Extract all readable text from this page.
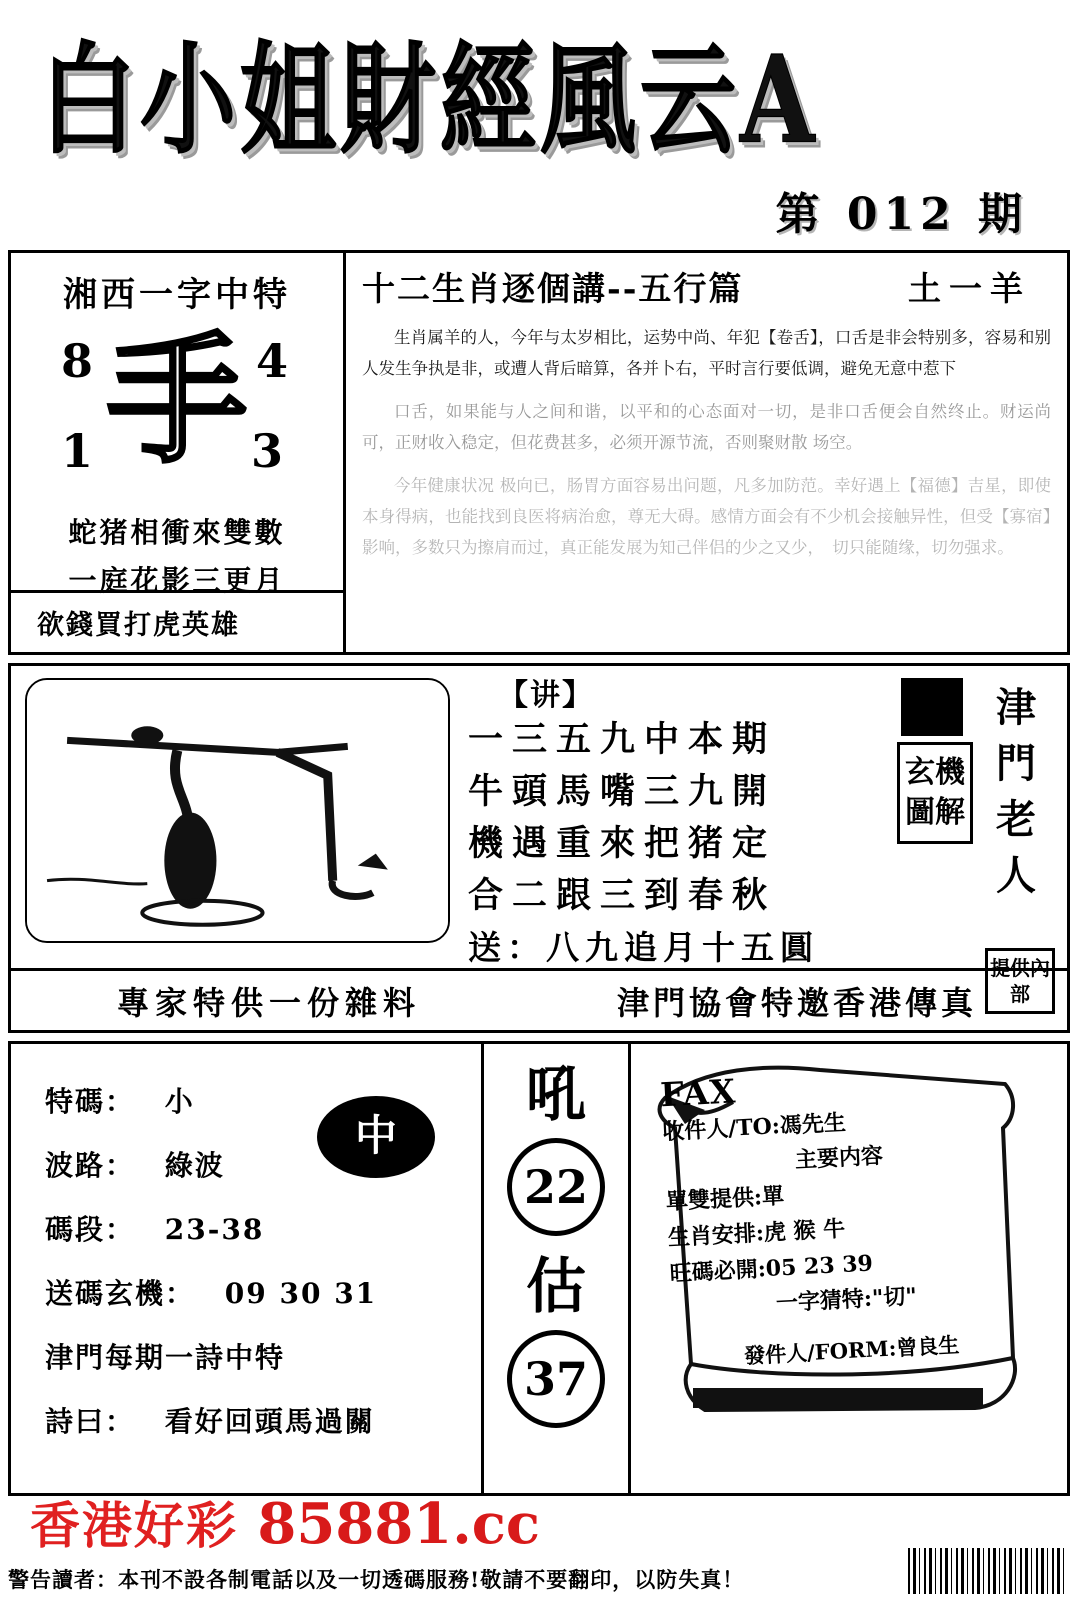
白小姐財經風云A
第 012 期
湘西一字中特
手
8	4
1	3
蛇猪相衝來雙數
一庭花影三更月
欲錢買打虎英雄
十二生肖逐個講--五行篇	土一羊
生肖属羊的人，今年与太岁相比，运势中尚、年犯【卷舌】，口舌是非会特别多，容易和别人发生争执是非，或遭人背后暗算，各并卜右，平时言行要低调，避免无意中惹下
口舌，如果能与人之间和谐，以平和的心态面对一切，是非口舌便会自然终止。财运尚可，正财收入稳定，但花费甚多，必须开源节流，否则聚财散 场空。
今年健康状况 极向已，肠胃方面容易出问题，凡多加防范。幸好遇上【福德】吉星，即使本身得病，也能找到良医将病治愈，尊无大碍。感情方面会有不少机会接触异性，但受【寡宿】影响，多数只为擦肩而过，真正能发展为知己伴侣的少之又少，　切只能随缘，切勿强求。
【讲】
一三五九中本期
牛頭馬嘴三九開
機遇重來把猪定
合二跟三到春秋
送：八九追月十五圓
玄機圖解
津門老人
提供內部
專家特供一份雜料	津門協會特邀香港傳真
特碼： 小
波路： 綠波
碼段： 23-38
送碼玄機： 09 30 31
津門每期一詩中特
詩曰： 看好回頭馬過關
中
吼
22
估
37
FAX
收件人/TO:馮先生
主要内容
單雙提供:單
生肖安排:虎 猴 牛
旺碼必開:05 23 39
一字猜特:"切"
發件人/FORM:曾良生
香港好彩 85881.cc
警告讀者：本刊不設各制電話以及一切透碼服務!敬請不要翻印，以防失真！
